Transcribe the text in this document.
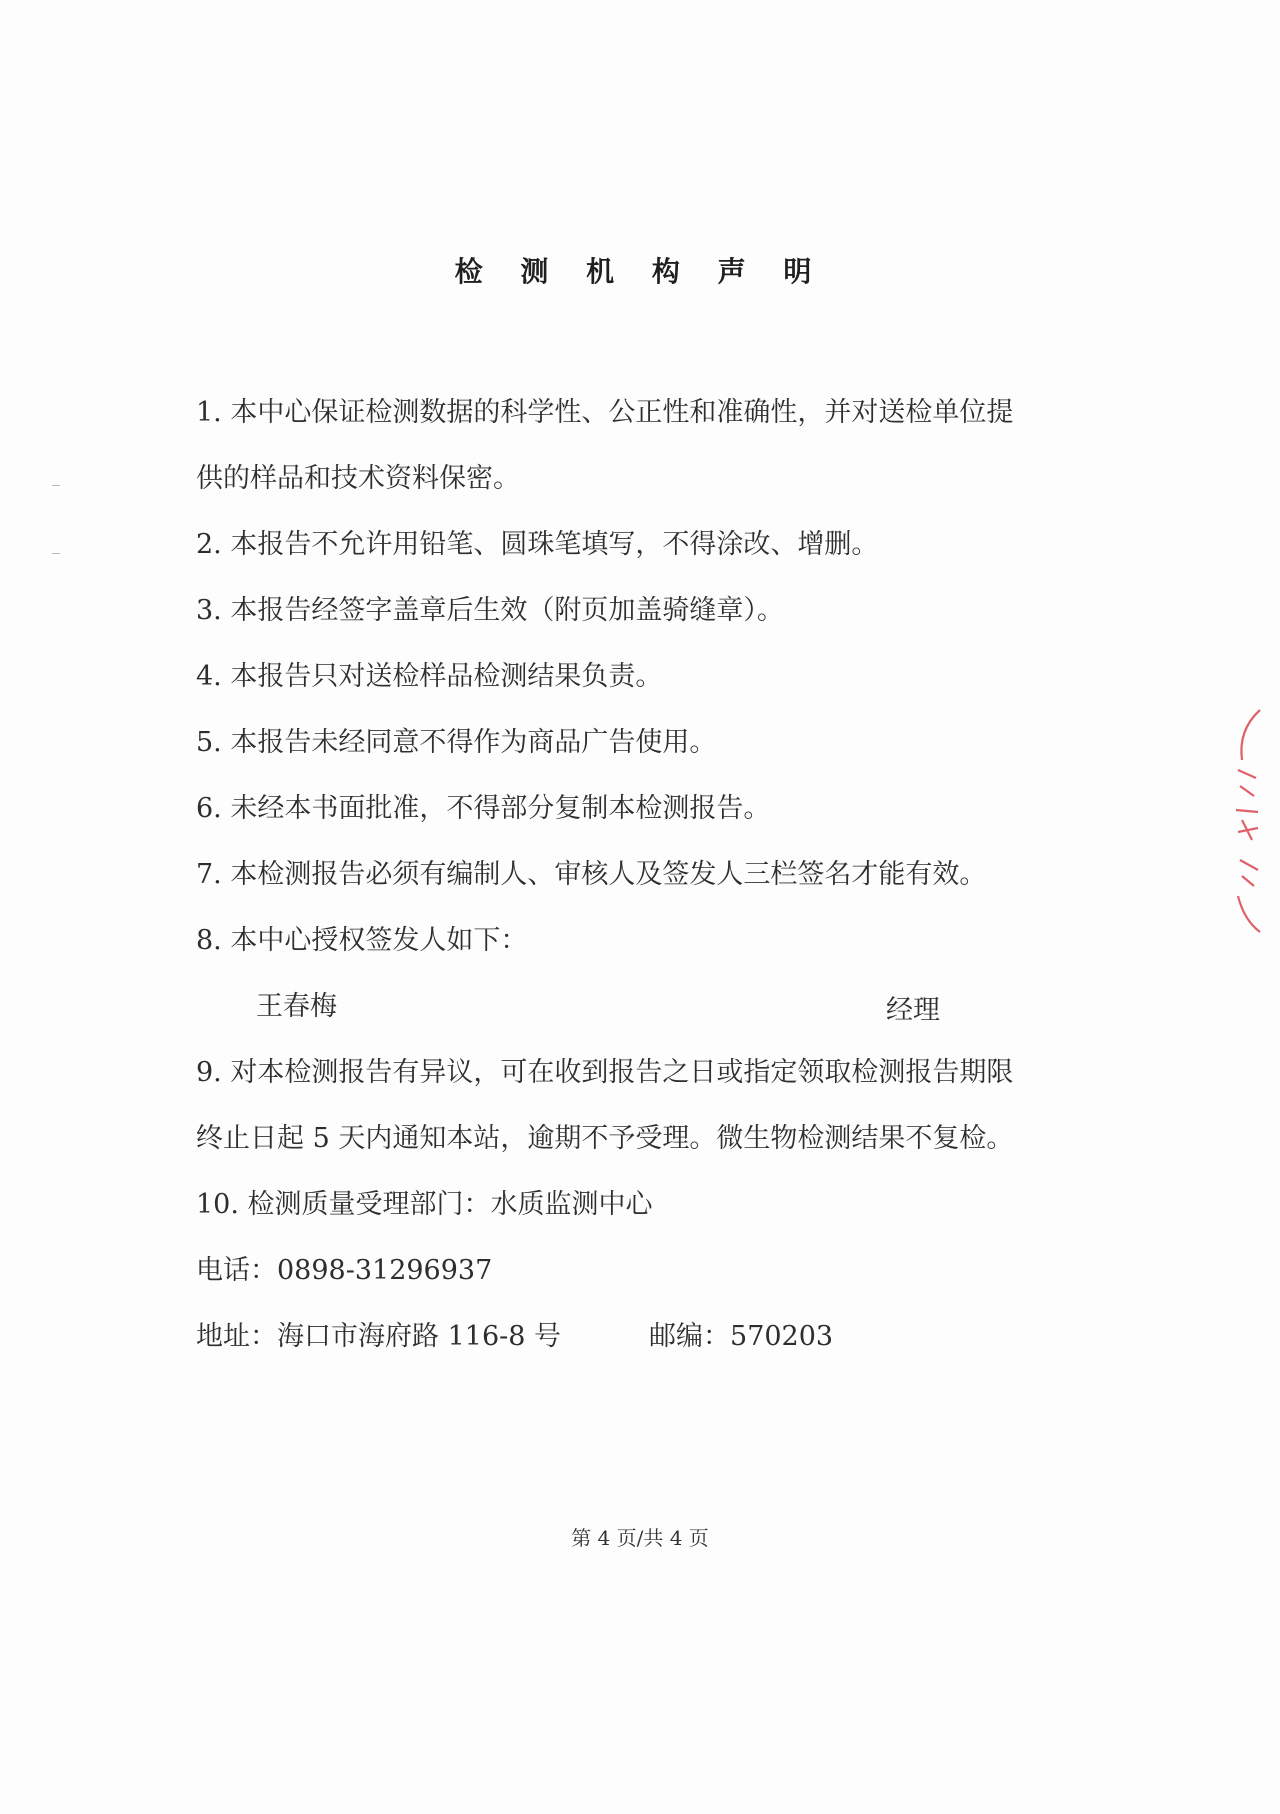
检 测 机 构 声 明
1. 本中心保证检测数据的科学性、公正性和准确性，并对送检单位提
供的样品和技术资料保密。
2. 本报告不允许用铅笔、圆珠笔填写，不得涂改、增删。
3. 本报告经签字盖章后生效（附页加盖骑缝章）。
4. 本报告只对送检样品检测结果负责。
5. 本报告未经同意不得作为商品广告使用。
6. 未经本书面批准，不得部分复制本检测报告。
7. 本检测报告必须有编制人、审核人及签发人三栏签名才能有效。
8. 本中心授权签发人如下：
王春梅	经理
9. 对本检测报告有异议，可在收到报告之日或指定领取检测报告期限
终止日起 5 天内通知本站，逾期不予受理。微生物检测结果不复检。
10. 检测质量受理部门：水质监测中心
电话：0898-31296937
地址：海口市海府路 116-8 号	邮编：570203
第 4 页/共 4 页
